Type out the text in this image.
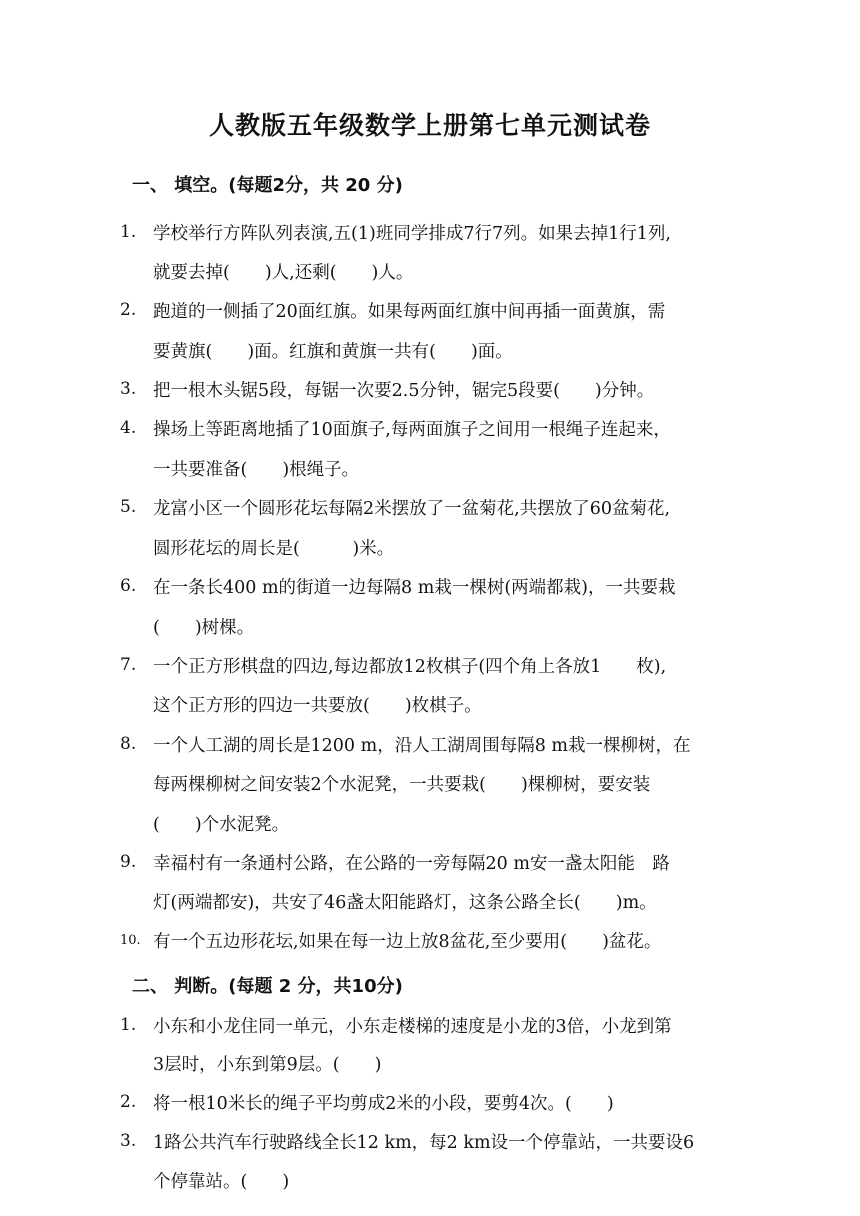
人教版五年级数学上册第七单元测试卷
一、 填空。(每题2分，共 20 分)
1. 学校举行方阵队列表演,五(1)班同学排成7行7列。如果去掉1行1列,
就要去掉(　　)人,还剩(　　)人。
2. 跑道的一侧插了20面红旗。如果每两面红旗中间再插一面黄旗，需
要黄旗(　　)面。红旗和黄旗一共有(　　)面。
3. 把一根木头锯5段，每锯一次要2.5分钟，锯完5段要(　　)分钟。
4. 操场上等距离地插了10面旗子,每两面旗子之间用一根绳子连起来，
一共要准备(　　)根绳子。
5. 龙富小区一个圆形花坛每隔2米摆放了一盆菊花,共摆放了60盆菊花,
圆形花坛的周长是(　　　)米。
6. 在一条长400 m的街道一边每隔8 m栽一棵树(两端都栽)，一共要栽
(　　)树棵。
7. 一个正方形棋盘的四边,每边都放12枚棋子(四个角上各放1　　枚),
这个正方形的四边一共要放(　　)枚棋子。
8. 一个人工湖的周长是1200 m，沿人工湖周围每隔8 m栽一棵柳树，在
每两棵柳树之间安装2个水泥凳，一共要栽(　　)棵柳树，要安装
(　　)个水泥凳。
9. 幸福村有一条通村公路，在公路的一旁每隔20 m安一盏太阳能　路
灯(两端都安)，共安了46盏太阳能路灯，这条公路全长(　　)m。
10. 有一个五边形花坛,如果在每一边上放8盆花,至少要用(　　)盆花。
二、 判断。(每题 2 分，共10分)
1. 小东和小龙住同一单元，小东走楼梯的速度是小龙的3倍，小龙到第
3层时，小东到第9层。(　　)
2. 将一根10米长的绳子平均剪成2米的小段，要剪4次。(　　)
3. 1路公共汽车行驶路线全长12 km，每2 km设一个停靠站，一共要设6
个停靠站。(　　)
